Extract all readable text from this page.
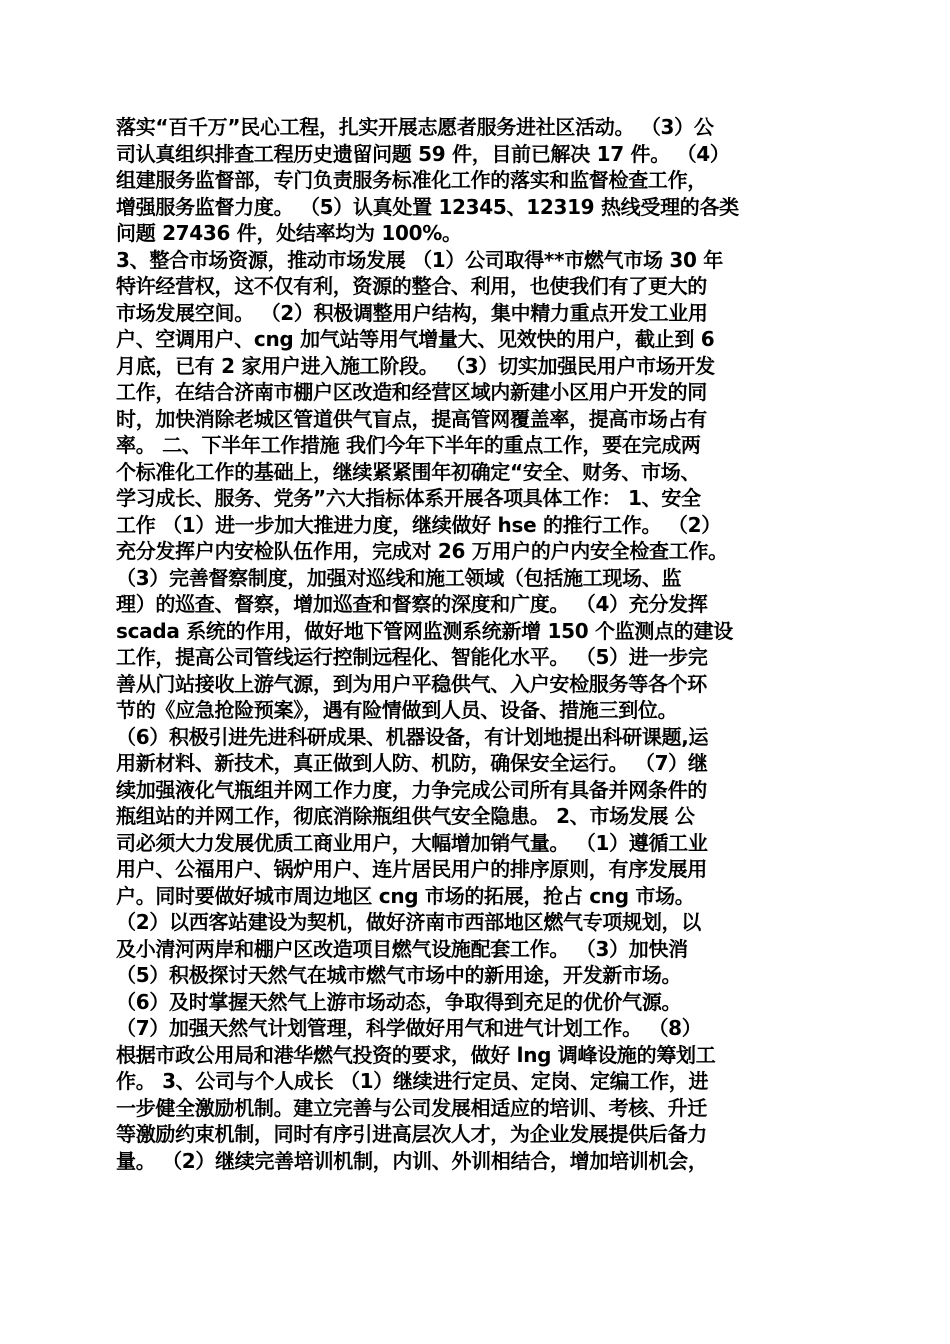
落实“百千万”民心工程，扎实开展志愿者服务进社区活动。 （3）公
司认真组织排查工程历史遗留问题 59 件，目前已解决 17 件。 （4）
组建服务监督部，专门负责服务标准化工作的落实和监督检查工作，
增强服务监督力度。 （5）认真处置 12345、12319 热线受理的各类
问题 27436 件，处结率均为 100%。
3、整合市场资源，推动市场发展 （1）公司取得**市燃气市场 30 年
特许经营权，这不仅有利，资源的整合、利用，也使我们有了更大的
市场发展空间。 （2）积极调整用户结构，集中精力重点开发工业用
户、空调用户、cng 加气站等用气增量大、见效快的用户，截止到 6
月底，已有 2 家用户进入施工阶段。 （3）切实加强民用户市场开发
工作，在结合济南市棚户区改造和经营区域内新建小区用户开发的同
时，加快消除老城区管道供气盲点，提高管网覆盖率，提高市场占有
率。 二、下半年工作措施 我们今年下半年的重点工作，要在完成两
个标准化工作的基础上，继续紧紧围年初确定“安全、财务、市场、
学习成长、服务、党务”六大指标体系开展各项具体工作： 1、安全
工作 （1）进一步加大推进力度，继续做好 hse 的推行工作。 （2）
充分发挥户内安检队伍作用，完成对 26 万用户的户内安全检查工作。
（3）完善督察制度，加强对巡线和施工领域（包括施工现场、监
理）的巡查、督察，增加巡查和督察的深度和广度。 （4）充分发挥
scada 系统的作用，做好地下管网监测系统新增 150 个监测点的建设
工作，提高公司管线运行控制远程化、智能化水平。 （5）进一步完
善从门站接收上游气源，到为用户平稳供气、入户安检服务等各个环
节的《应急抢险预案》，遇有险情做到人员、设备、措施三到位。
（6）积极引进先进科研成果、机器设备，有计划地提出科研课题,运
用新材料、新技术，真正做到人防、机防，确保安全运行。 （7）继
续加强液化气瓶组并网工作力度，力争完成公司所有具备并网条件的
瓶组站的并网工作，彻底消除瓶组供气安全隐患。 2、市场发展 公
司必须大力发展优质工商业用户，大幅增加销气量。 （1）遵循工业
用户、公福用户、锅炉用户、连片居民用户的排序原则，有序发展用
户。同时要做好城市周边地区 cng 市场的拓展，抢占 cng 市场。
（2）以西客站建设为契机，做好济南市西部地区燃气专项规划，以
及小清河两岸和棚户区改造项目燃气设施配套工作。 （3）加快消
（5）积极探讨天然气在城市燃气市场中的新用途，开发新市场。
（6）及时掌握天然气上游市场动态，争取得到充足的优价气源。
（7）加强天然气计划管理，科学做好用气和进气计划工作。 （8）
根据市政公用局和港华燃气投资的要求，做好 lng 调峰设施的筹划工
作。 3、公司与个人成长 （1）继续进行定员、定岗、定编工作，进
一步健全激励机制。建立完善与公司发展相适应的培训、考核、升迁
等激励约束机制，同时有序引进高层次人才，为企业发展提供后备力
量。 （2）继续完善培训机制，内训、外训相结合，增加培训机会，
